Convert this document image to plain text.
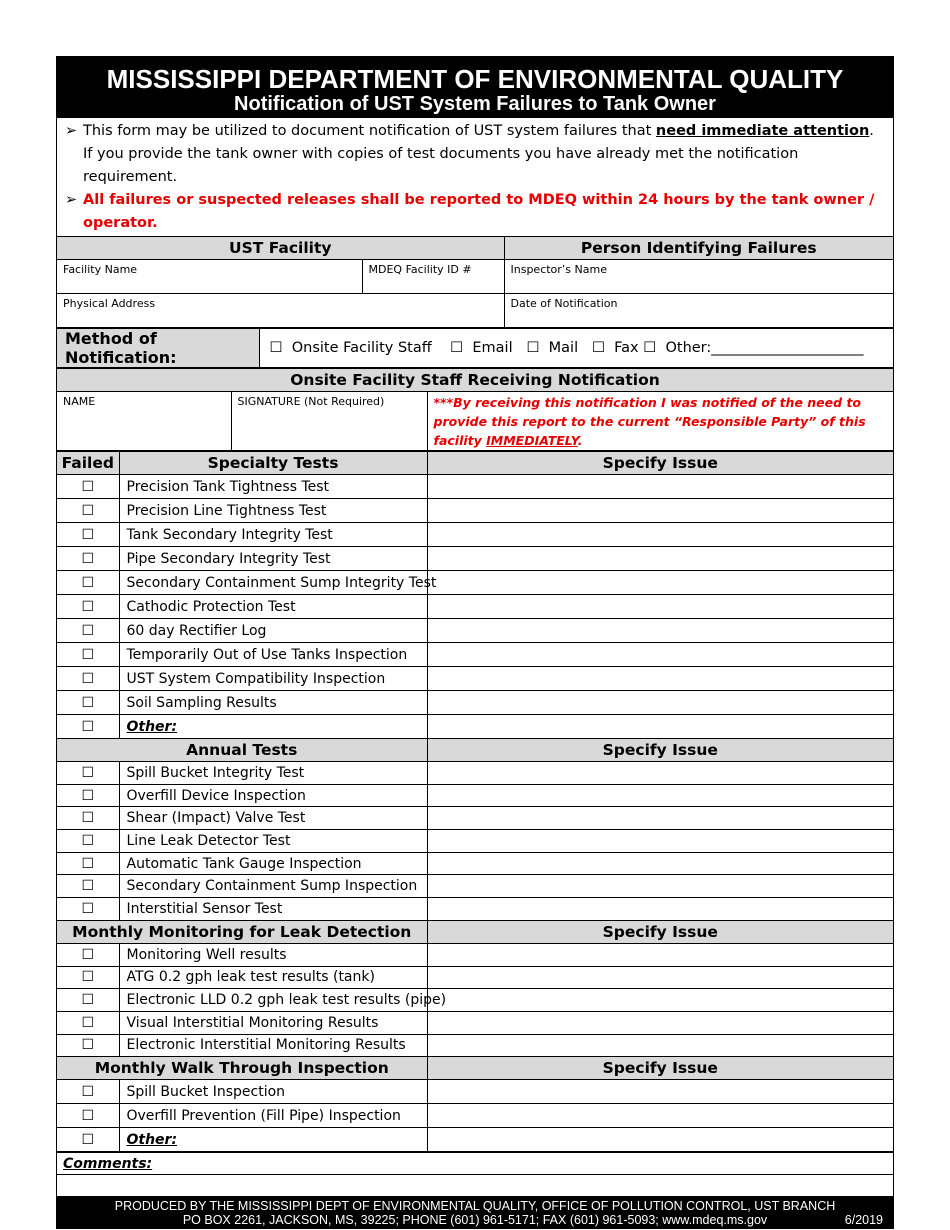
MISSISSIPPI DEPARTMENT OF ENVIRONMENTAL QUALITY
Notification of UST System Failures to Tank Owner
➢ This form may be utilized to document notification of UST system failures that need immediate attention. If you provide the tank owner with copies of test documents you have already met the notification requirement.
➢ All failures or suspected releases shall be reported to MDEQ within 24 hours by the tank owner / operator.
UST Facility		Person Identifying Failures
Facility Name	MDEQ Facility ID #	Inspector’s Name
Physical Address		Date of Notification
Method of Notification:	☐ Onsite Facility Staff ☐ Email ☐ Mail ☐ Fax ☐ Other:_____________________
Onsite Facility Staff Receiving Notification
NAME	SIGNATURE (Not Required)	***By receiving this notification I was notified of the need to provide this report to the current “Responsible Party” of this facility IMMEDIATELY.
Failed	Specialty Tests	Specify Issue
☐	Precision Tank Tightness Test	
☐	Precision Line Tightness Test	
☐	Tank Secondary Integrity Test	
☐	Pipe Secondary Integrity Test	
☐	Secondary Containment Sump Integrity Test	
☐	Cathodic Protection Test	
☐	60 day Rectifier Log	
☐	Temporarily Out of Use Tanks Inspection	
☐	UST System Compatibility Inspection	
☐	Soil Sampling Results	
☐	Other:	
Annual Tests		Specify Issue
☐	Spill Bucket Integrity Test	
☐	Overfill Device Inspection	
☐	Shear (Impact) Valve Test	
☐	Line Leak Detector Test	
☐	Automatic Tank Gauge Inspection	
☐	Secondary Containment Sump Inspection	
☐	Interstitial Sensor Test	
Monthly Monitoring for Leak Detection		Specify Issue
☐	Monitoring Well results	
☐	ATG 0.2 gph leak test results (tank)	
☐	Electronic LLD 0.2 gph leak test results (pipe)	
☐	Visual Interstitial Monitoring Results	
☐	Electronic Interstitial Monitoring Results	
Monthly Walk Through Inspection		Specify Issue
☐	Spill Bucket Inspection	
☐	Overfill Prevention (Fill Pipe) Inspection	
☐	Other:	
Comments:

PRODUCED BY THE MISSISSIPPI DEPT OF ENVIRONMENTAL QUALITY, OFFICE OF POLLUTION CONTROL, UST BRANCH
PO BOX 2261, JACKSON, MS, 39225; PHONE (601) 961-5171; FAX (601) 961-5093; www.mdeq.ms.gov	6/2019
